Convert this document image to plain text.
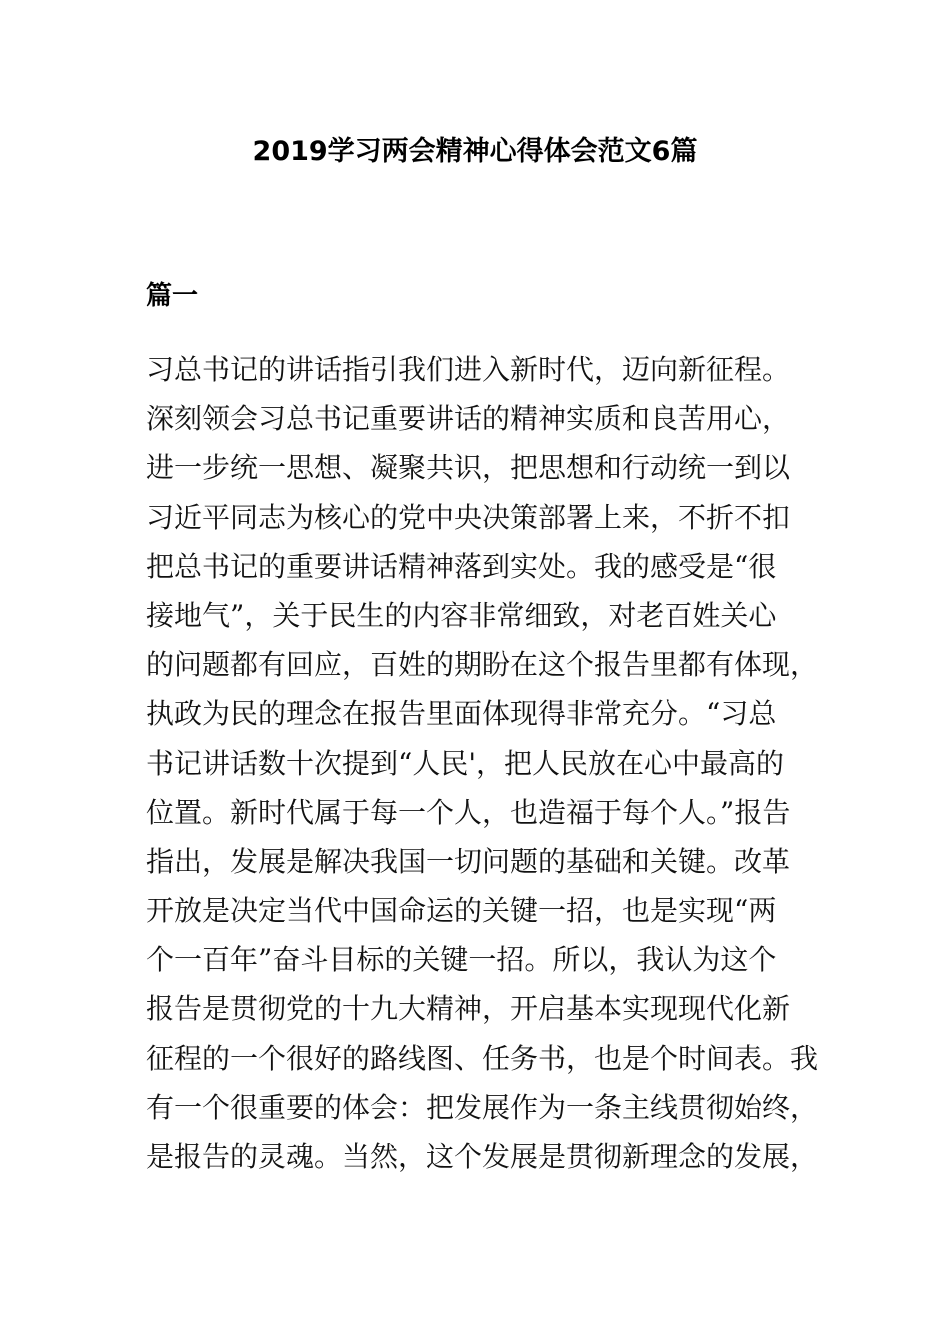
2019学习两会精神心得体会范文6篇
篇一
习总书记的讲话指引我们进入新时代，迈向新征程。
深刻领会习总书记重要讲话的精神实质和良苦用心，
进一步统一思想、凝聚共识，把思想和行动统一到以
习近平同志为核心的党中央决策部署上来，不折不扣
把总书记的重要讲话精神落到实处。我的感受是“很
接地气”，关于民生的内容非常细致，对老百姓关心
的问题都有回应，百姓的期盼在这个报告里都有体现，
执政为民的理念在报告里面体现得非常充分。“习总
书记讲话数十次提到“人民'，把人民放在心中最高的
位置。新时代属于每一个人，也造福于每个人。”报告
指出，发展是解决我国一切问题的基础和关键。改革
开放是决定当代中国命运的关键一招，也是实现“两
个一百年”奋斗目标的关键一招。所以，我认为这个
报告是贯彻党的十九大精神，开启基本实现现代化新
征程的一个很好的路线图、任务书，也是个时间表。我
有一个很重要的体会：把发展作为一条主线贯彻始终，
是报告的灵魂。当然，这个发展是贯彻新理念的发展，
